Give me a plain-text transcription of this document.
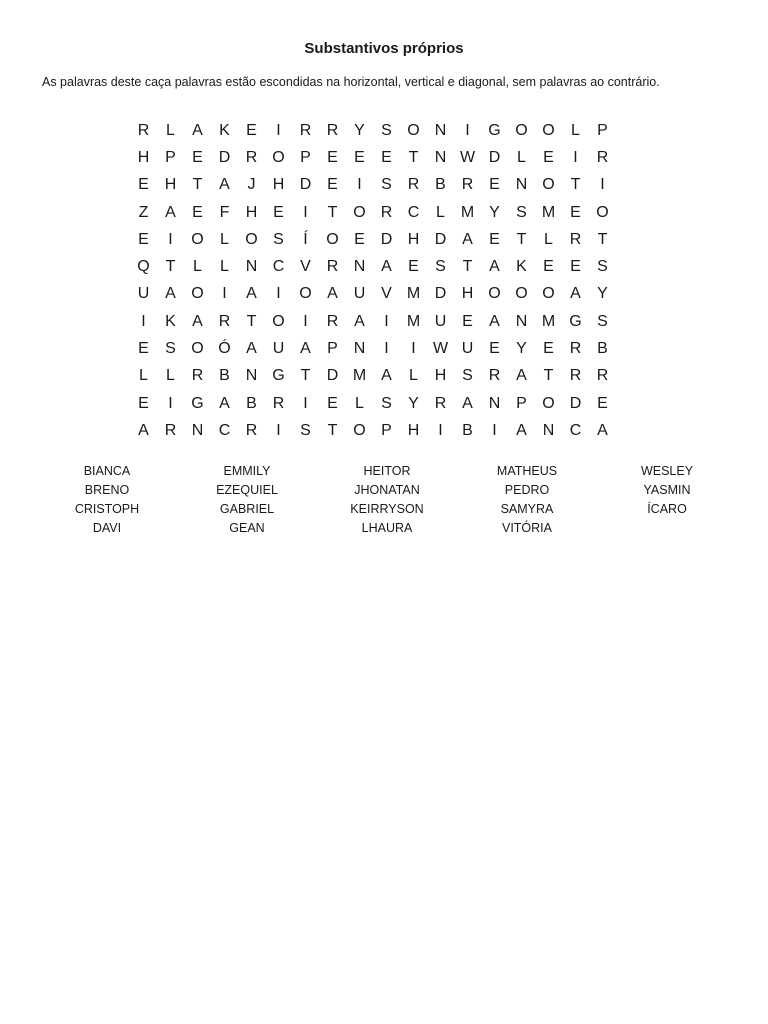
Substantivos próprios
As palavras deste caça palavras estão escondidas na horizontal, vertical e diagonal, sem palavras ao contrário.
R	L	A	K	E	I	R R Y	S O N	I	G O O	L	P
H P	E D R O P	E	E	E	T	N W D	L	E	I	R
E H	T	A	J	H D E	I	S R B R E N O T	I
Z	A	E	F	H E	I	T O R C	L M Y	S M E O
E	I	O	L	O S	Í	O E D H D A	E	T	L	R	T
Q T	L	L	N C V R N A	E	S	T	A	K	E	E	S
U A O	I	A	I	O A U V M D H O O O A	Y
I	K	A R	T O	I	R A	I	M U E	A N M G S
E	S O Ó A U A	P N	I	I	W U E	Y	E R B
L	L	R B N G T	D M A	L	H S R A	T	R R
E	I	G A	B R	I	E	L	S	Y R A N P O D E
A R N C R	I	S	T O P H	I	B	I	A N C A
BIANCA
BRENO
CRISTOPH
DAVI
EMMILY
EZEQUIEL
GABRIEL
GEAN
HEITOR
JHONATAN
KEIRRYSON
LHAURA
MATHEUS
PEDRO
SAMYRA
VITÓRIA
WESLEY
YASMIN
ÍCARO
